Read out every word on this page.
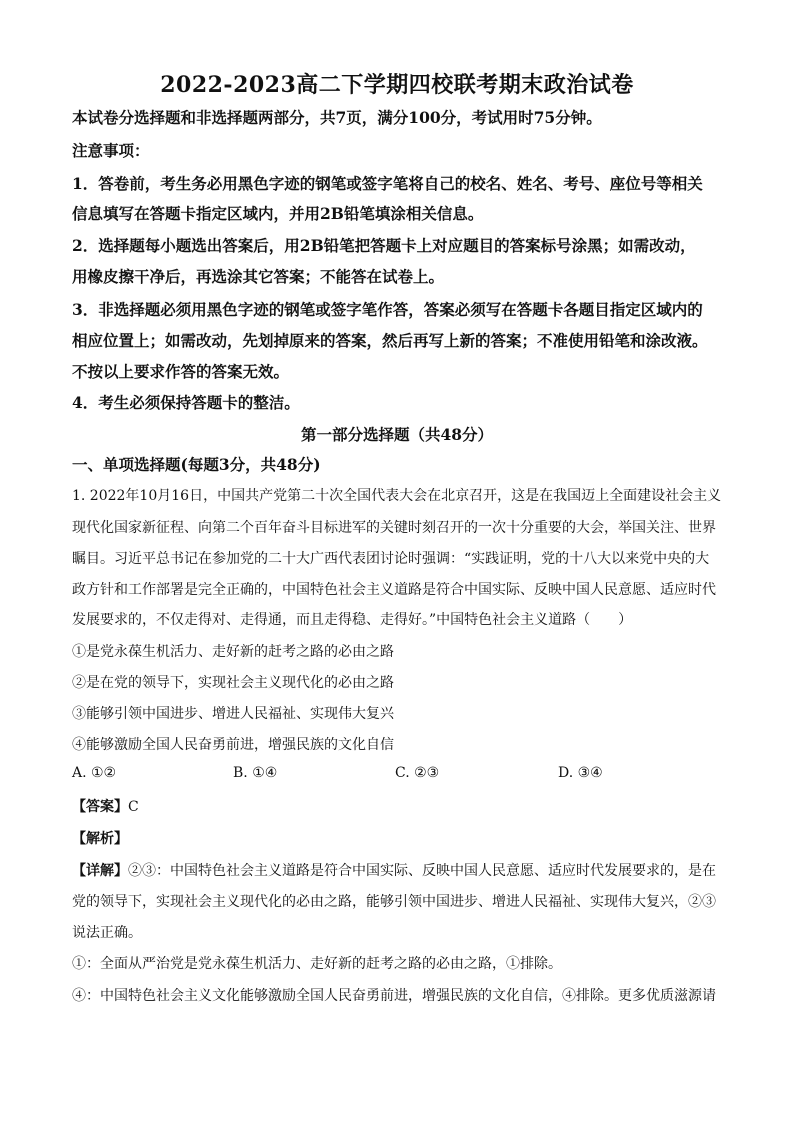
2022-2023高二下学期四校联考期末政治试卷
本试卷分选择题和非选择题两部分，共7页，满分100分，考试用时75分钟。
注意事项：
1．答卷前，考生务必用黑色字迹的钢笔或签字笔将自己的校名、姓名、考号、座位号等相关
信息填写在答题卡指定区域内，并用2B铅笔填涂相关信息。
2．选择题每小题选出答案后，用2B铅笔把答题卡上对应题目的答案标号涂黑；如需改动，
用橡皮擦干净后，再选涂其它答案；不能答在试卷上。
3．非选择题必须用黑色字迹的钢笔或签字笔作答，答案必须写在答题卡各题目指定区域内的
相应位置上；如需改动，先划掉原来的答案，然后再写上新的答案；不准使用铅笔和涂改液。
不按以上要求作答的答案无效。
4．考生必须保持答题卡的整洁。
第一部分选择题（共48分）
一、单项选择题(每题3分，共48分)
1. 2022年10月16日，中国共产党第二十次全国代表大会在北京召开，这是在我国迈上全面建设社会主义
现代化国家新征程、向第二个百年奋斗目标进军的关键时刻召开的一次十分重要的大会，举国关注、世界
瞩目。习近平总书记在参加党的二十大广西代表团讨论时强调：“实践证明，党的十八大以来党中央的大
政方针和工作部署是完全正确的，中国特色社会主义道路是符合中国实际、反映中国人民意愿、适应时代
发展要求的，不仅走得对、走得通，而且走得稳、走得好。”中国特色社会主义道路（　　）
①是党永葆生机活力、走好新的赶考之路的必由之路
②是在党的领导下，实现社会主义现代化的必由之路
③能够引领中国进步、增进人民福祉、实现伟大复兴
④能够激励全国人民奋勇前进，增强民族的文化自信
A. ①②	B. ①④	C. ②③	D. ③④
【答案】C
【解析】
【详解】②③：中国特色社会主义道路是符合中国实际、反映中国人民意愿、适应时代发展要求的，是在
党的领导下，实现社会主义现代化的必由之路，能够引领中国进步、增进人民福祉、实现伟大复兴，②③
说法正确。
①：全面从严治党是党永葆生机活力、走好新的赶考之路的必由之路，①排除。
④：中国特色社会主义文化能够激励全国人民奋勇前进，增强民族的文化自信，④排除。更多优质滋源请
